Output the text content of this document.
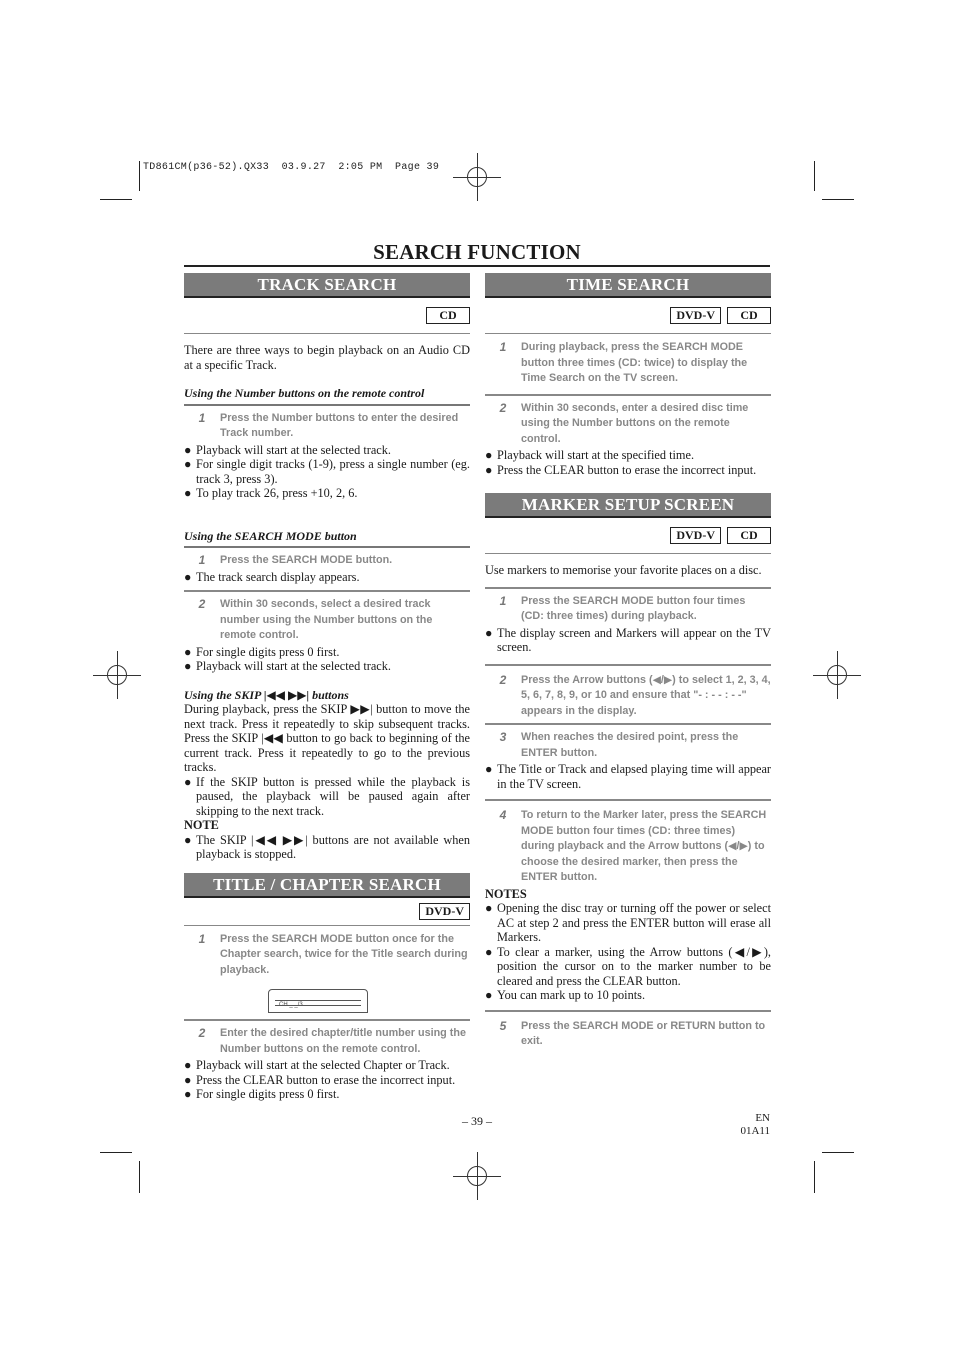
TD861CM(p36-52).QX33  03.9.27  2:05 PM  Page 39
SEARCH FUNCTION
TRACK SEARCH
CD
There are three ways to begin playback on an Audio CD at a specific Track.
Using the Number buttons on the remote control
1	Press the Number buttons to enter the desired Track number.
● Playback will start at the selected track.
● For single digit tracks (1-9), press a single number (eg. track 3, press 3).
● To play track 26, press +10, 2, 6.
Using the SEARCH MODE button
1	Press the SEARCH MODE button.
● The track search display appears.
2	Within 30 seconds, select a desired track number using the Number buttons on the remote control.
● For single digits press 0 first.
● Playback will start at the selected track.
Using the SKIP |◀◀ ▶▶| buttons
During playback, press the SKIP ▶▶| button to move the next track. Press it repeatedly to skip subsequent tracks. Press the SKIP |◀◀ button to go back to beginning of the current track. Press it repeatedly to go to the previous tracks.
● If the SKIP button is pressed while the playback is paused, the playback will be paused again after skipping to the next track.
NOTE
● The SKIP |◀◀ ▶▶| buttons are not available when playback is stopped.
TITLE / CHAPTER SEARCH
DVD-V
1	Press the SEARCH MODE button once for the Chapter search, twice for the Title search during playback.
CH _ _/3
2	Enter the desired chapter/title number using the Number buttons on the remote control.
● Playback will start at the selected Chapter or Track.
● Press the CLEAR button to erase the incorrect input.
● For single digits press 0 first.
TIME SEARCH
DVD-V	CD
1	During playback, press the SEARCH MODE button three times (CD: twice) to display the Time Search on the TV screen.
2	Within 30 seconds, enter a desired disc time using the Number buttons on the remote control.
● Playback will start at the specified time.
● Press the CLEAR button to erase the incorrect input.
MARKER SETUP SCREEN
DVD-V	CD
Use markers to memorise your favorite places on a disc.
1	Press the SEARCH MODE button four times (CD: three times) during playback.
● The display screen and Markers will appear on the TV screen.
2	Press the Arrow buttons (◀/▶) to select 1, 2, 3, 4, 5, 6, 7, 8, 9, or 10 and ensure that "- : - - : - -" appears in the display.
3	When reaches the desired point, press the ENTER button.
● The Title or Track and elapsed playing time will appear in the TV screen.
4	To return to the Marker later, press the SEARCH MODE button four times (CD: three times) during playback and the Arrow buttons (◀/▶) to choose the desired marker, then press the ENTER button.
NOTES
● Opening the disc tray or turning off the power or select AC at step 2 and press the ENTER button will erase all Markers.
● To clear a marker, using the Arrow buttons (◀/▶), position the cursor on to the marker number to be cleared and press the CLEAR button.
● You can mark up to 10 points.
5	Press the SEARCH MODE or RETURN button to exit.
– 39 –	EN
01A11
